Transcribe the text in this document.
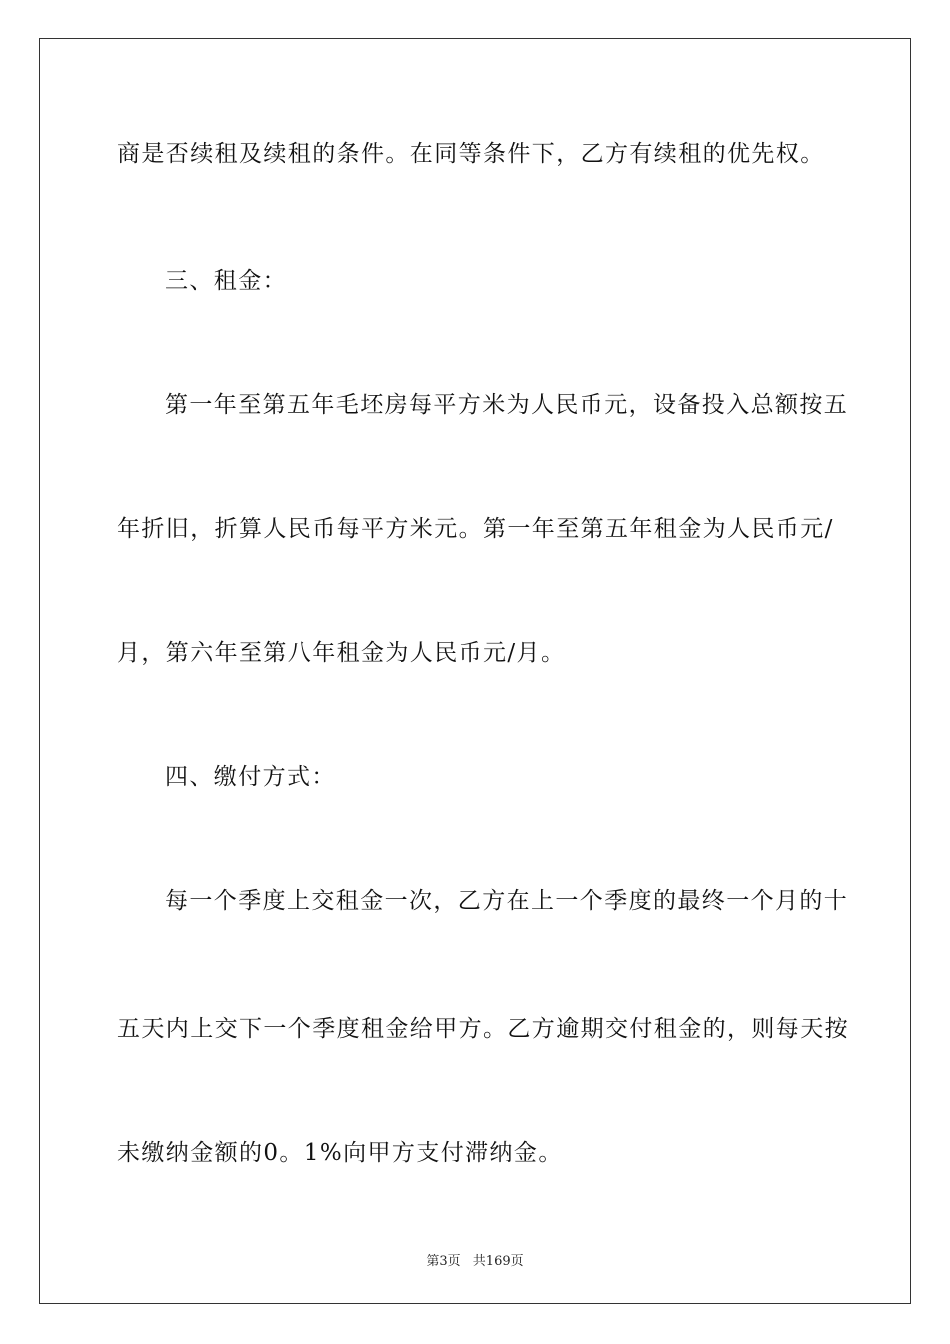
商是否续租及续租的条件。在同等条件下，乙方有续租的优先权。
三、租金：
第一年至第五年毛坯房每平方米为人民币元，设备投入总额按五
年折旧，折算人民币每平方米元。第一年至第五年租金为人民币元/
月，第六年至第八年租金为人民币元/月。
四、缴付方式：
每一个季度上交租金一次，乙方在上一个季度的最终一个月的十
五天内上交下一个季度租金给甲方。乙方逾期交付租金的，则每天按
未缴纳金额的0。1%向甲方支付滞纳金。
第3页 共169页
